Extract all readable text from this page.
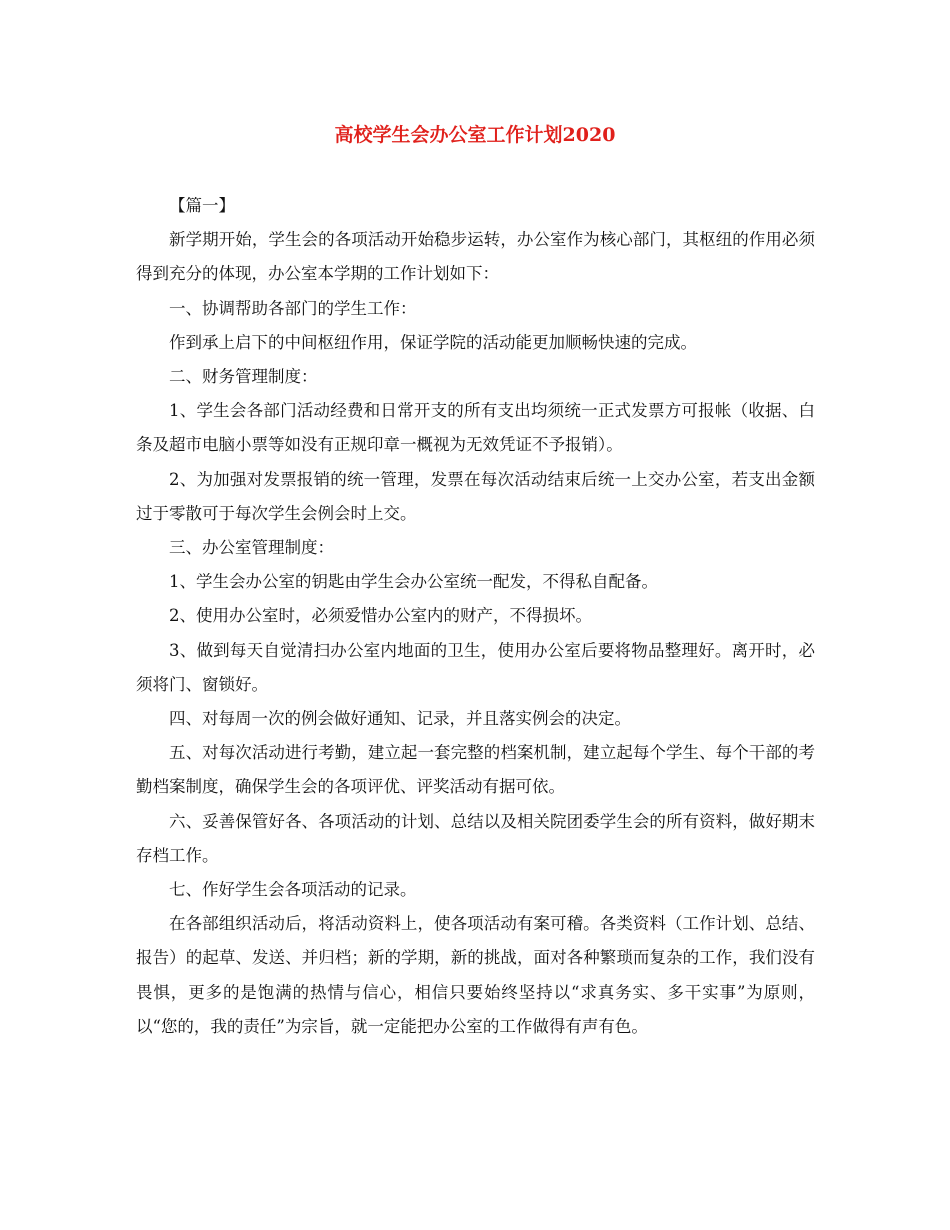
高校学生会办公室工作计划2020

【篇一】

新学期开始，学生会的各项活动开始稳步运转，办公室作为核心部门，其枢纽的作用必须得到充分的体现，办公室本学期的工作计划如下：

一、协调帮助各部门的学生工作：

作到承上启下的中间枢纽作用，保证学院的活动能更加顺畅快速的完成。

二、财务管理制度：

1、学生会各部门活动经费和日常开支的所有支出均须统一正式发票方可报帐（收据、白条及超市电脑小票等如没有正规印章一概视为无效凭证不予报销）。

2、为加强对发票报销的统一管理，发票在每次活动结束后统一上交办公室，若支出金额过于零散可于每次学生会例会时上交。

三、办公室管理制度：

1、学生会办公室的钥匙由学生会办公室统一配发，不得私自配备。

2、使用办公室时，必须爱惜办公室内的财产，不得损坏。

3、做到每天自觉清扫办公室内地面的卫生，使用办公室后要将物品整理好。离开时，必须将门、窗锁好。

四、对每周一次的例会做好通知、记录，并且落实例会的决定。

五、对每次活动进行考勤，建立起一套完整的档案机制，建立起每个学生、每个干部的考勤档案制度，确保学生会的各项评优、评奖活动有据可依。

六、妥善保管好各、各项活动的计划、总结以及相关院团委学生会的所有资料，做好期末存档工作。

七、作好学生会各项活动的记录。

在各部组织活动后，将活动资料上，使各项活动有案可稽。各类资料（工作计划、总结、报告）的起草、发送、并归档；新的学期，新的挑战，面对各种繁琐而复杂的工作，我们没有畏惧，更多的是饱满的热情与信心，相信只要始终坚持以“求真务实、多干实事”为原则，以“您的，我的责任”为宗旨，就一定能把办公室的工作做得有声有色。
